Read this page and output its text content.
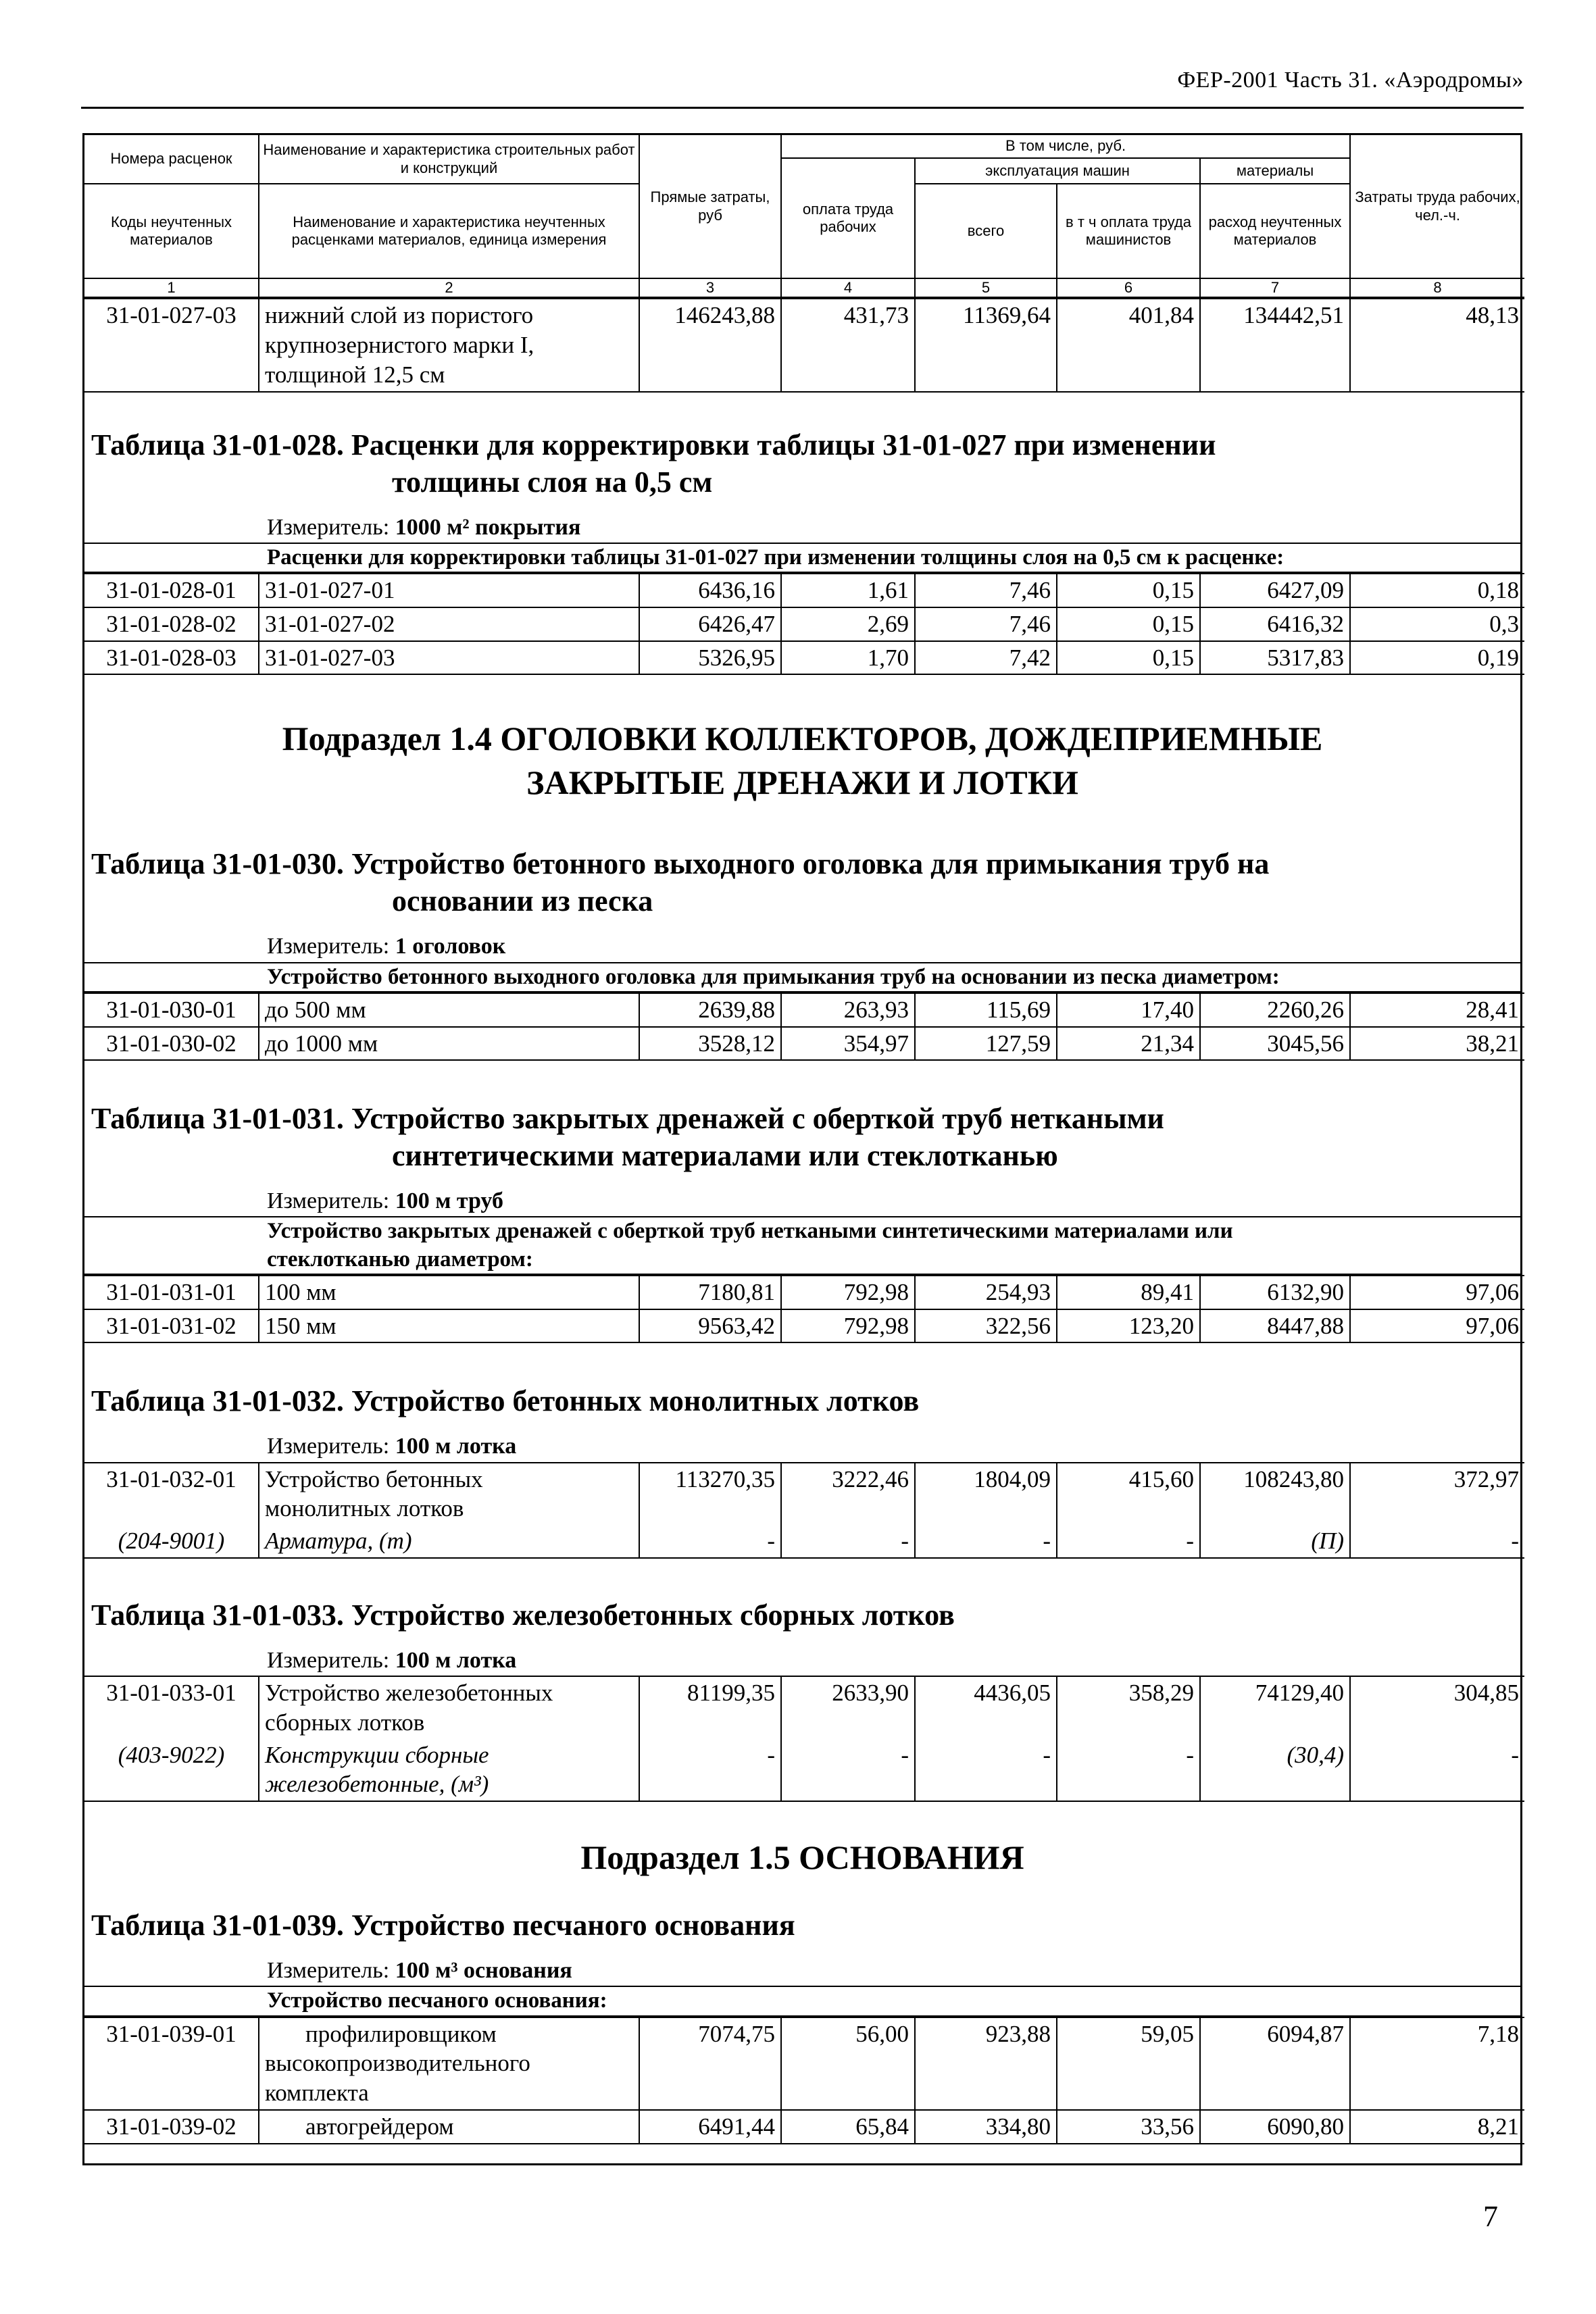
ФЕР-2001 Часть 31. «Аэродромы»
Номера расценок	Наименование и характеристика строительных работ и конструкций	Прямые затраты, руб	В том числе, руб.				Затраты труда рабочих, чел.-ч.
			оплата труда рабочих	эксплуатация машин		материалы	
Коды неучтенных материалов	Наименование и характеристика неучтенных расценками материалов, единица измерения			всего	в т ч оплата труда машинистов	расход неучтенных материалов	

1	2	3	4	5	6	7	8
31-01-027-03	нижний слой из пористого
крупнозернистого марки I,
толщиной 12,5 см
	146243,88	431,73	11369,64	401,84	134442,51	48,13
Таблица 31-01-028. Расценки для корректировки таблицы 31-01-027 при изменении
толщины слоя на 0,5 см
Измеритель: 1000 м² покрытия
Расценки для корректировки таблицы 31-01-027 при изменении толщины слоя на 0,5 см к расценке:
31-01-028-01	31-01-027-01	6436,16	1,61	7,46	0,15	6427,09	0,18
31-01-028-02	31-01-027-02	6426,47	2,69	7,46	0,15	6416,32	0,3
31-01-028-03	31-01-027-03	5326,95	1,70	7,42	0,15	5317,83	0,19
Подраздел 1.4 ОГОЛОВКИ КОЛЛЕКТОРОВ, ДОЖДЕПРИЕМНЫЕ
ЗАКРЫТЫЕ ДРЕНАЖИ И ЛОТКИ
Таблица 31-01-030. Устройство бетонного выходного оголовка для примыкания труб на
основании из песка
Измеритель: 1 оголовок
Устройство бетонного выходного оголовка для примыкания труб на основании из песка диаметром:
31-01-030-01	до 500 мм	2639,88	263,93	115,69	17,40	2260,26	28,41
31-01-030-02	до 1000 мм	3528,12	354,97	127,59	21,34	3045,56	38,21
Таблица 31-01-031. Устройство закрытых дренажей с оберткой труб неткаными
синтетическими материалами или стеклотканью
Измеритель: 100 м труб
Устройство закрытых дренажей с оберткой труб неткаными синтетическими материалами или
стеклотканью диаметром:
31-01-031-01	100 мм	7180,81	792,98	254,93	89,41	6132,90	97,06
31-01-031-02	150 мм	9563,42	792,98	322,56	123,20	8447,88	97,06
Таблица 31-01-032. Устройство бетонных монолитных лотков
Измеритель: 100 м лотка
31-01-032-01	Устройство бетонных
монолитных лотков	113270,35	3222,46	1804,09	415,60	108243,80	372,97
(204-9001)	Арматура, (т)	-	-	-	-	(П)	-
Таблица 31-01-033. Устройство железобетонных сборных лотков
Измеритель: 100 м лотка
31-01-033-01	Устройство железобетонных
сборных лотков	81199,35	2633,90	4436,05	358,29	74129,40	304,85
(403-9022)	Конструкции сборные
железобетонные, (м³)	-	-	-	-	(30,4)	-
Подраздел 1.5 ОСНОВАНИЯ
Таблица 31-01-039. Устройство песчаного основания
Измеритель: 100 м³ основания
Устройство песчаного основания:
31-01-039-01	профилировщиком
высокопроизводительного
комплекта	7074,75	56,00	923,88	59,05	6094,87	7,18
31-01-039-02	автогрейдером	6491,44	65,84	334,80	33,56	6090,80	8,21
7
